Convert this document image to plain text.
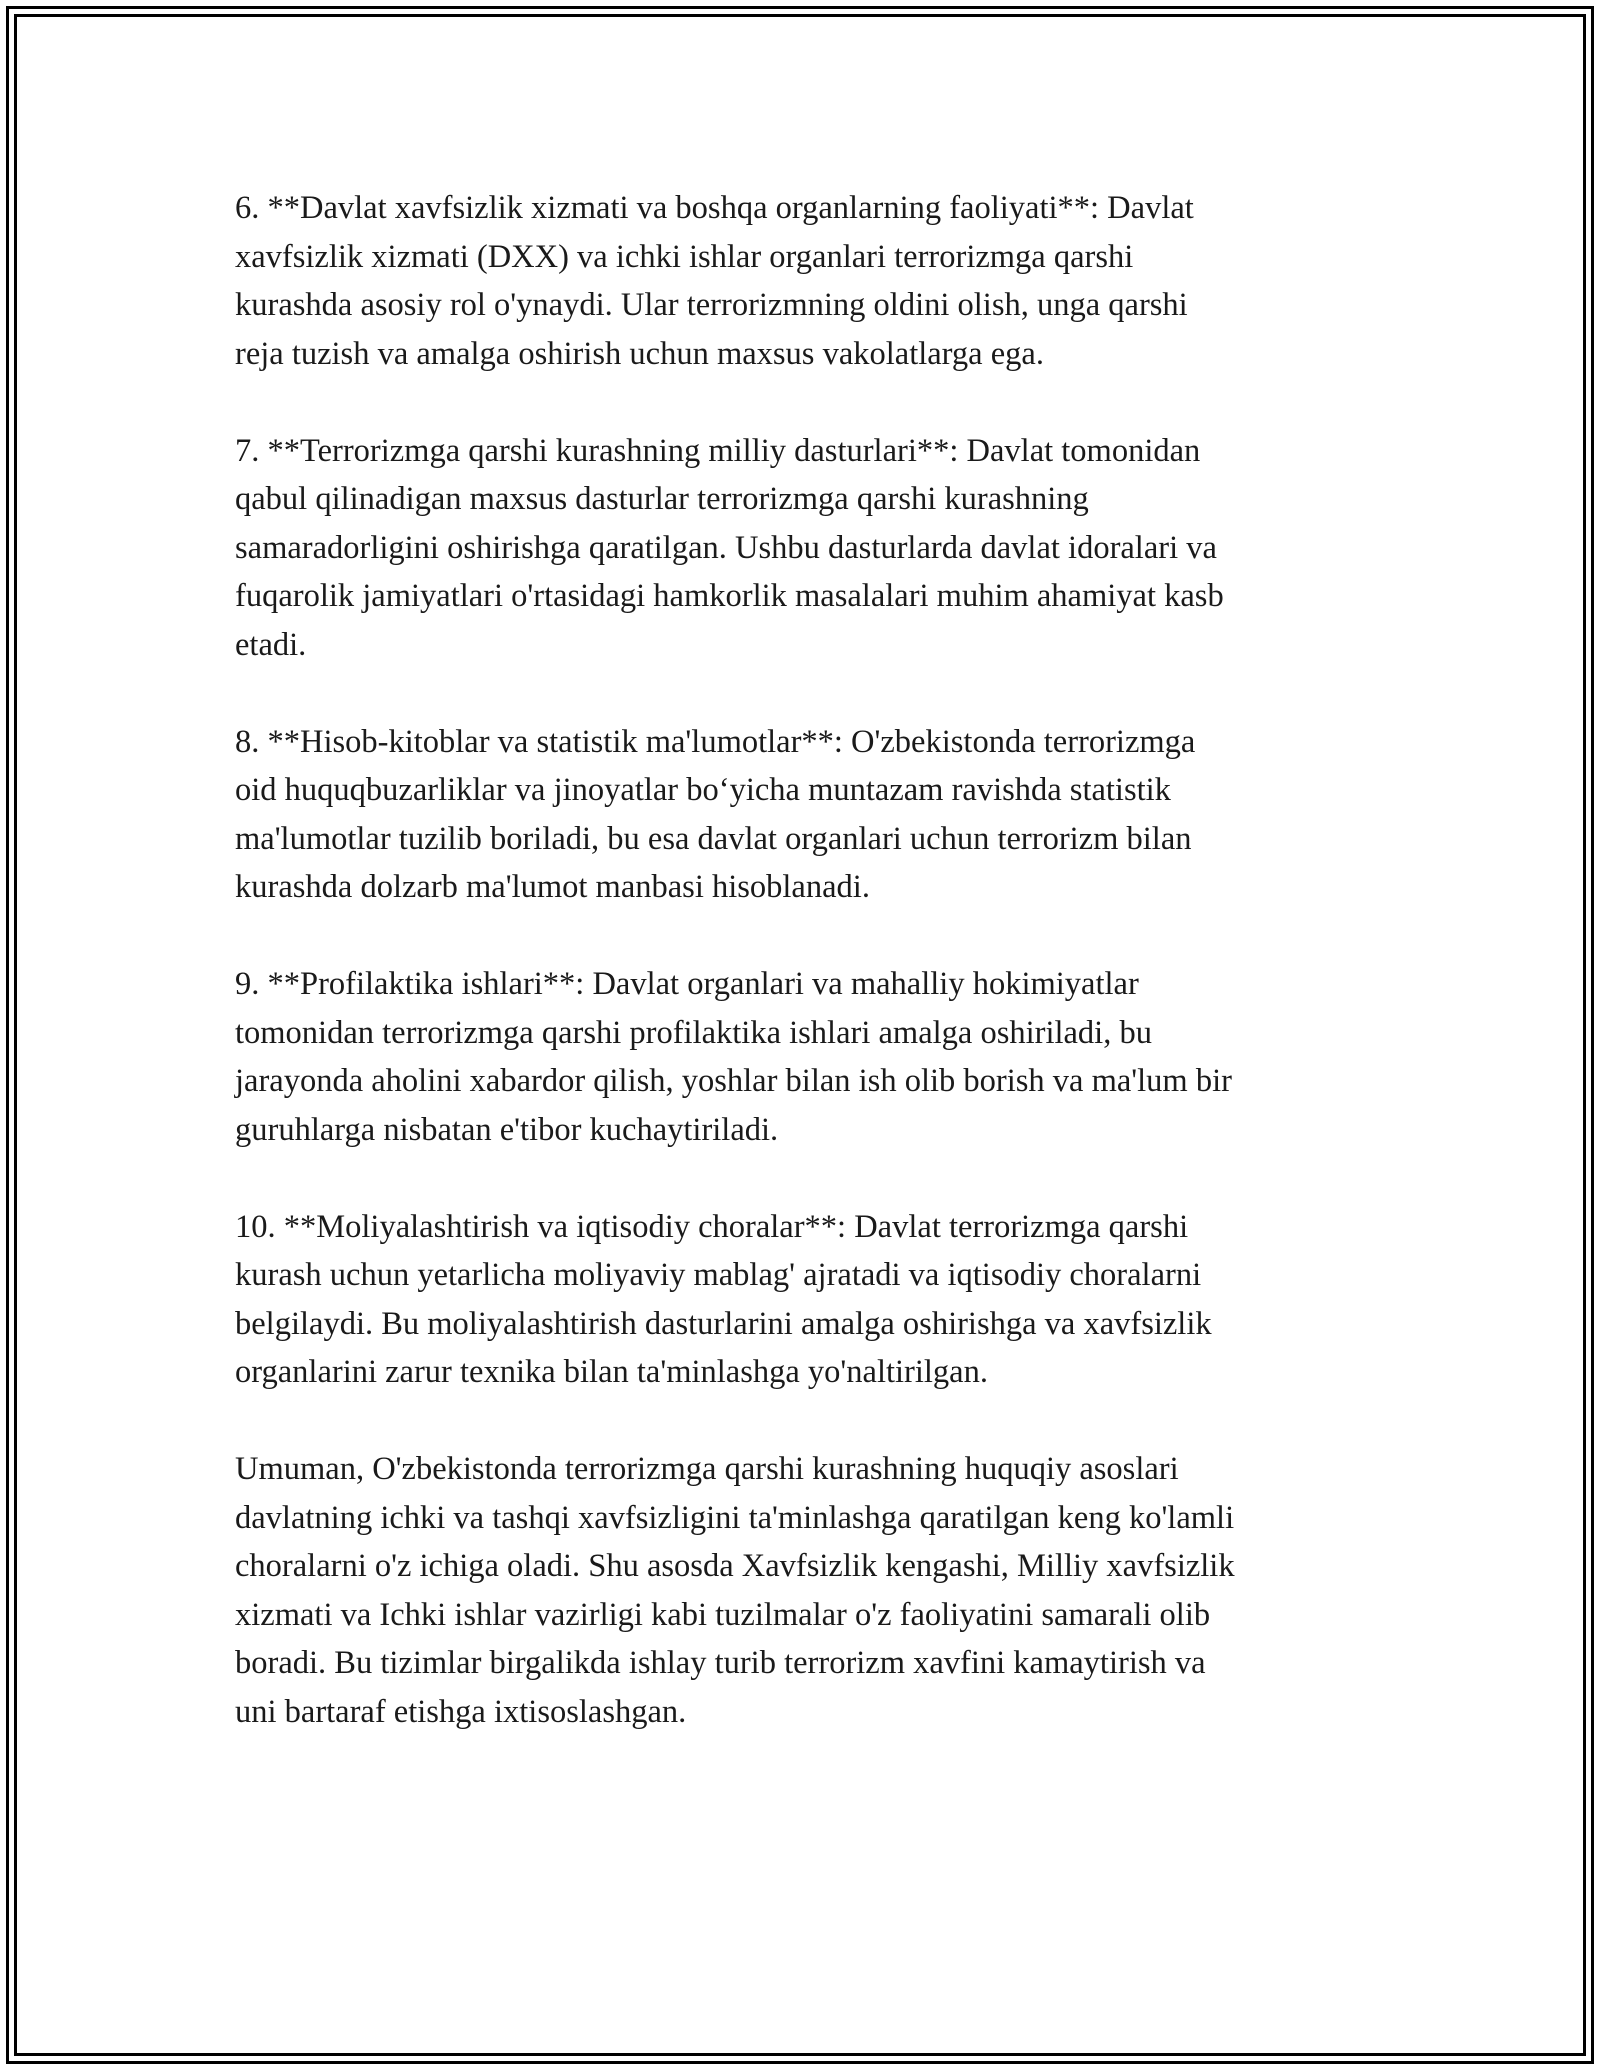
6. **Davlat xavfsizlik xizmati va boshqa organlarning faoliyati**: Davlat
xavfsizlik xizmati (DXX) va ichki ishlar organlari terrorizmga qarshi
kurashda asosiy rol o'ynaydi. Ular terrorizmning oldini olish, unga qarshi
reja tuzish va amalga oshirish uchun maxsus vakolatlarga ega.

7. **Terrorizmga qarshi kurashning milliy dasturlari**: Davlat tomonidan
qabul qilinadigan maxsus dasturlar terrorizmga qarshi kurashning
samaradorligini oshirishga qaratilgan. Ushbu dasturlarda davlat idoralari va
fuqarolik jamiyatlari o'rtasidagi hamkorlik masalalari muhim ahamiyat kasb
etadi.

8. **Hisob-kitoblar va statistik ma'lumotlar**: O'zbekistonda terrorizmga
oid huquqbuzarliklar va jinoyatlar bo‘yicha muntazam ravishda statistik
ma'lumotlar tuzilib boriladi, bu esa davlat organlari uchun terrorizm bilan
kurashda dolzarb ma'lumot manbasi hisoblanadi.

9. **Profilaktika ishlari**: Davlat organlari va mahalliy hokimiyatlar
tomonidan terrorizmga qarshi profilaktika ishlari amalga oshiriladi, bu
jarayonda aholini xabardor qilish, yoshlar bilan ish olib borish va ma'lum bir
guruhlarga nisbatan e'tibor kuchaytiriladi.

10. **Moliyalashtirish va iqtisodiy choralar**: Davlat terrorizmga qarshi
kurash uchun yetarlicha moliyaviy mablag' ajratadi va iqtisodiy choralarni
belgilaydi. Bu moliyalashtirish dasturlarini amalga oshirishga va xavfsizlik
organlarini zarur texnika bilan ta'minlashga yo'naltirilgan.

Umuman, O'zbekistonda terrorizmga qarshi kurashning huquqiy asoslari
davlatning ichki va tashqi xavfsizligini ta'minlashga qaratilgan keng ko'lamli
choralarni o'z ichiga oladi. Shu asosda Xavfsizlik kengashi, Milliy xavfsizlik
xizmati va Ichki ishlar vazirligi kabi tuzilmalar o'z faoliyatini samarali olib
boradi. Bu tizimlar birgalikda ishlay turib terrorizm xavfini kamaytirish va
uni bartaraf etishga ixtisoslashgan.
